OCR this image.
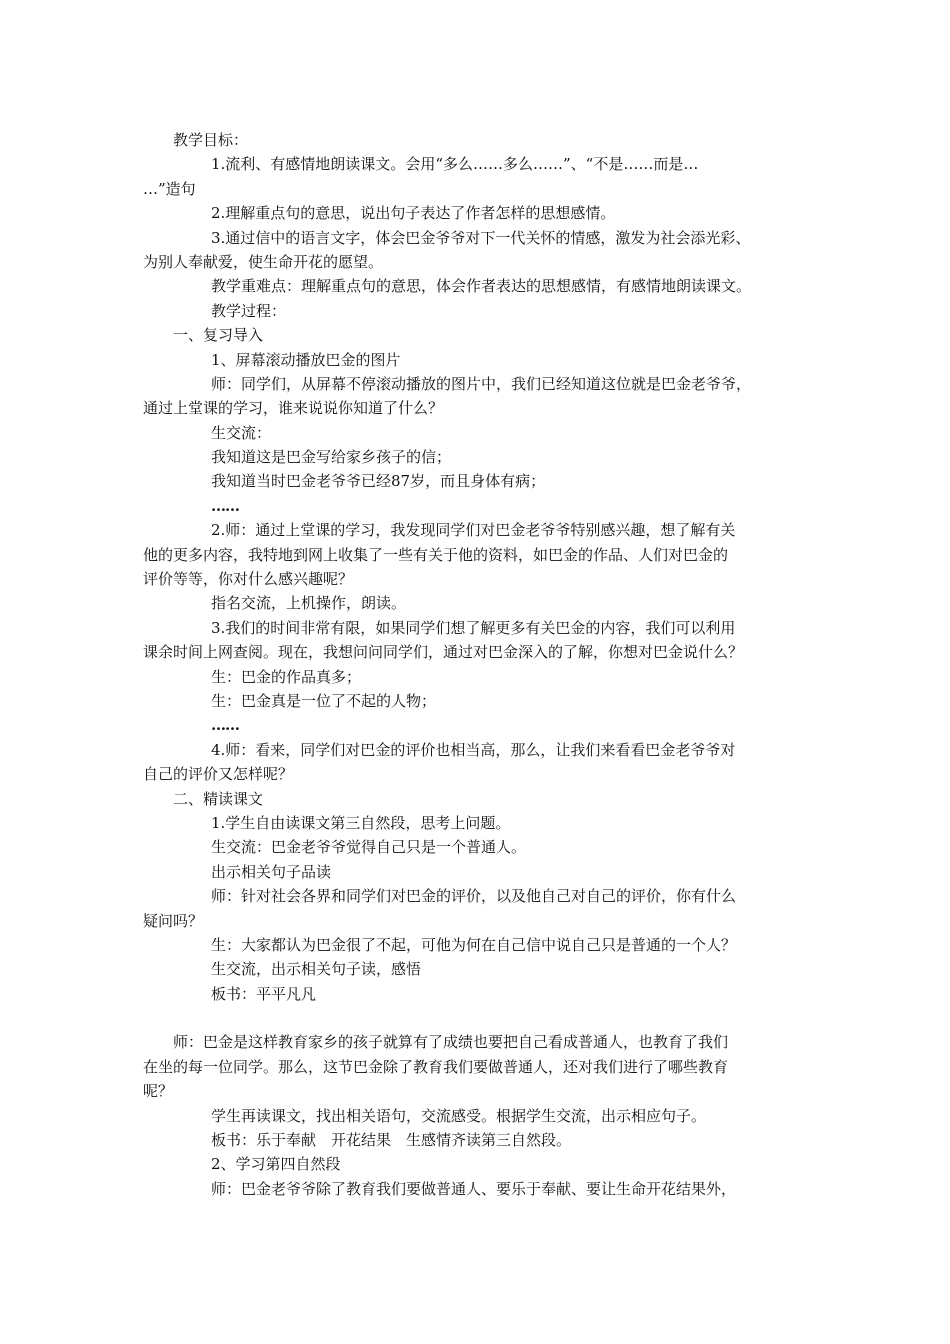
教学目标：
1.流利、有感情地朗读课文。会用“多么……多么……”、“不是……而是…
…”造句
2.理解重点句的意思，说出句子表达了作者怎样的思想感情。
3.通过信中的语言文字，体会巴金爷爷对下一代关怀的情感，激发为社会添光彩、
为别人奉献爱，使生命开花的愿望。
教学重难点：理解重点句的意思，体会作者表达的思想感情，有感情地朗读课文。
教学过程：
一、复习导入
1、屏幕滚动播放巴金的图片
师：同学们，从屏幕不停滚动播放的图片中，我们已经知道这位就是巴金老爷爷，
通过上堂课的学习，谁来说说你知道了什么？
生交流：
我知道这是巴金写给家乡孩子的信；
我知道当时巴金老爷爷已经87岁，而且身体有病；
……
2.师：通过上堂课的学习，我发现同学们对巴金老爷爷特别感兴趣，想了解有关
他的更多内容，我特地到网上收集了一些有关于他的资料，如巴金的作品、人们对巴金的
评价等等，你对什么感兴趣呢？
指名交流，上机操作，朗读。
3.我们的时间非常有限，如果同学们想了解更多有关巴金的内容，我们可以利用
课余时间上网查阅。现在，我想问问同学们，通过对巴金深入的了解，你想对巴金说什么？
生：巴金的作品真多；
生：巴金真是一位了不起的人物；
……
4.师：看来，同学们对巴金的评价也相当高，那么，让我们来看看巴金老爷爷对
自己的评价又怎样呢？
二、精读课文
1.学生自由读课文第三自然段，思考上问题。
生交流：巴金老爷爷觉得自己只是一个普通人。
出示相关句子品读
师：针对社会各界和同学们对巴金的评价，以及他自己对自己的评价，你有什么
疑问吗？
生：大家都认为巴金很了不起，可他为何在自己信中说自己只是普通的一个人？
生交流，出示相关句子读，感悟
板书：平平凡凡
师：巴金是这样教育家乡的孩子就算有了成绩也要把自己看成普通人，也教育了我们
在坐的每一位同学。那么，这节巴金除了教育我们要做普通人，还对我们进行了哪些教育
呢？
学生再读课文，找出相关语句，交流感受。根据学生交流，出示相应句子。
板书：乐于奉献　开花结果　生感情齐读第三自然段。
2、学习第四自然段
师：巴金老爷爷除了教育我们要做普通人、要乐于奉献、要让生命开花结果外，
